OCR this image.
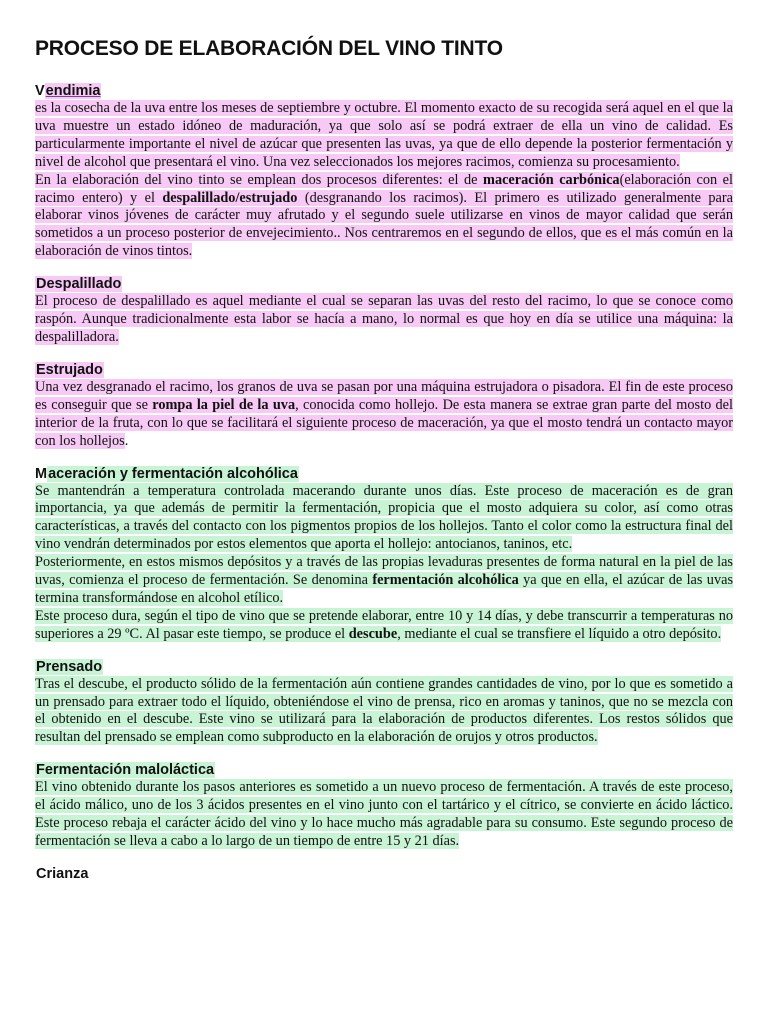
PROCESO DE ELABORACIÓN DEL VINO TINTO
Vendimia

es la cosecha de la uva entre los meses de septiembre y octubre. El momento exacto de su recogida será aquel en el que la uva muestre un estado idóneo de maduración, ya que solo así se podrá extraer de ella un vino de calidad. Es particularmente importante el nivel de azúcar que presenten las uvas, ya que de ello depende la posterior fermentación y nivel de alcohol que presentará el vino. Una vez seleccionados los mejores racimos, comienza su procesamiento.

En la elaboración del vino tinto se emplean dos procesos diferentes: el de maceración carbónica(elaboración con el racimo entero) y el despalillado/estrujado (desgranando los racimos). El primero es utilizado generalmente para elaborar vinos jóvenes de carácter muy afrutado y el segundo suele utilizarse en vinos de mayor calidad que serán sometidos a un proceso posterior de envejecimiento.. Nos centraremos en el segundo de ellos, que es el más común en la elaboración de vinos tintos.

Despalillado

El proceso de despalillado es aquel mediante el cual se separan las uvas del resto del racimo, lo que se conoce como raspón. Aunque tradicionalmente esta labor se hacía a mano, lo normal es que hoy en día se utilice una máquina: la despalilladora.

Estrujado

Una vez desgranado el racimo, los granos de uva se pasan por una máquina estrujadora o pisadora. El fin de este proceso es conseguir que se rompa la piel de la uva, conocida como hollejo. De esta manera se extrae gran parte del mosto del interior de la fruta, con lo que se facilitará el siguiente proceso de maceración, ya que el mosto tendrá un contacto mayor con los hollejos.

Maceración y fermentación alcohólica

Se mantendrán a temperatura controlada macerando durante unos días. Este proceso de maceración es de gran importancia, ya que además de permitir la fermentación, propicia que el mosto adquiera su color, así como otras características, a través del contacto con los pigmentos propios de los hollejos. Tanto el color como la estructura final del vino vendrán determinados por estos elementos que aporta el hollejo: antocianos, taninos, etc.

Posteriormente, en estos mismos depósitos y a través de las propias levaduras presentes de forma natural en la piel de las uvas, comienza el proceso de fermentación. Se denomina fermentación alcohólica ya que en ella, el azúcar de las uvas termina transformándose en alcohol etílico.

Este proceso dura, según el tipo de vino que se pretende elaborar, entre 10 y 14 días, y debe transcurrir a temperaturas no superiores a 29 ºC. Al pasar este tiempo, se produce el descube, mediante el cual se transfiere el líquido a otro depósito.

Prensado

Tras el descube, el producto sólido de la fermentación aún contiene grandes cantidades de vino, por lo que es sometido a un prensado para extraer todo el líquido, obteniéndose el vino de prensa, rico en aromas y taninos, que no se mezcla con el obtenido en el descube. Este vino se utilizará para la elaboración de productos diferentes. Los restos sólidos que resultan del prensado se emplean como subproducto en la elaboración de orujos y otros productos.

Fermentación maloláctica

El vino obtenido durante los pasos anteriores es sometido a un nuevo proceso de fermentación. A través de este proceso, el ácido málico, uno de los 3 ácidos presentes en el vino junto con el tartárico y el cítrico, se convierte en ácido láctico. Este proceso rebaja el carácter ácido del vino y lo hace mucho más agradable para su consumo. Este segundo proceso de fermentación se lleva a cabo a lo largo de un tiempo de entre 15 y 21 días.

Crianza
